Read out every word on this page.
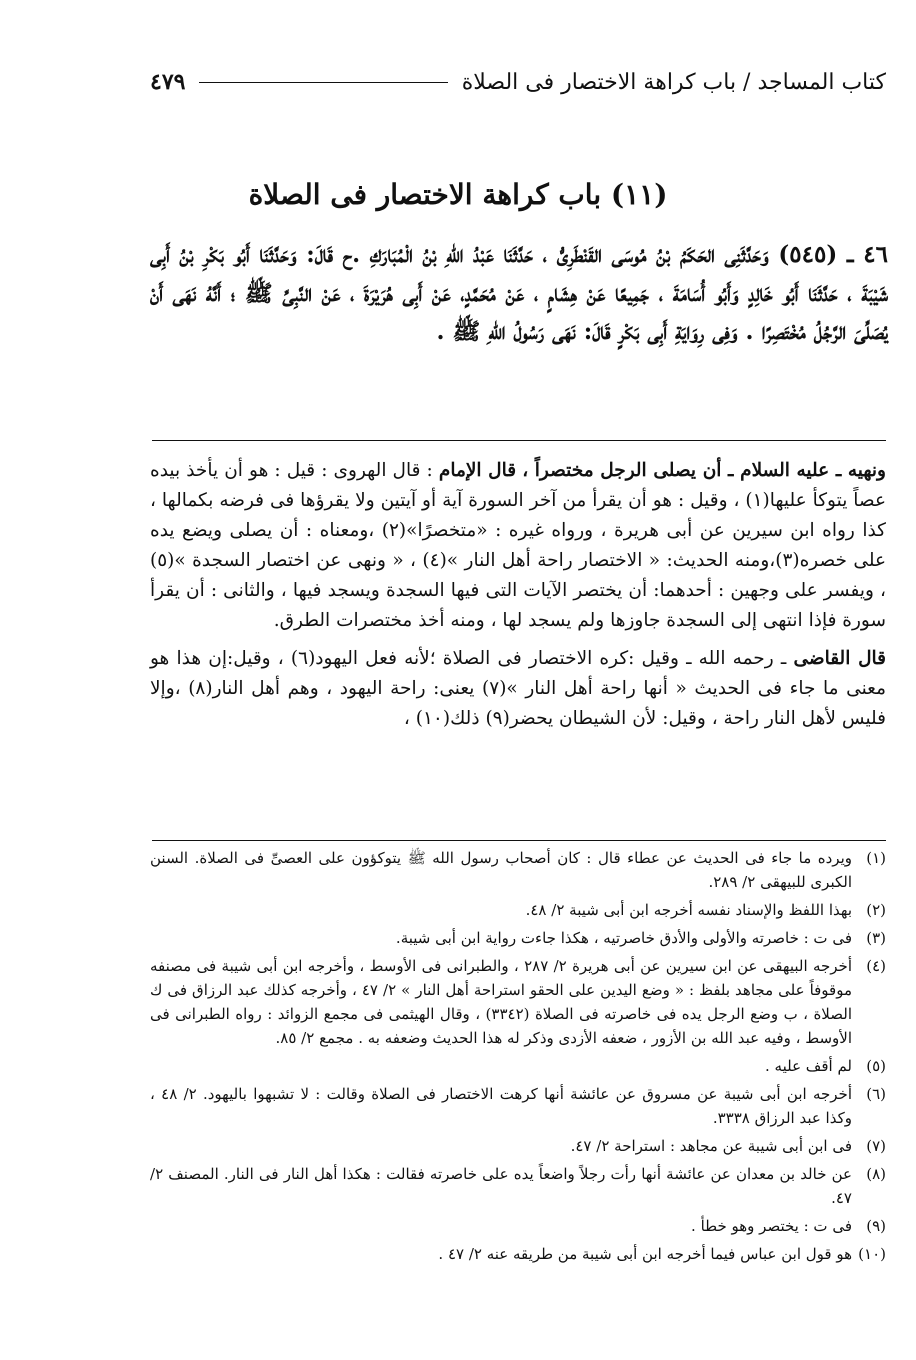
كتاب المساجد / باب كراهة الاختصار فى الصلاة
٤٧٩
(١١) باب كراهة الاختصار فى الصلاة
٤٦ ـ (٥٤٥) وَحَدَّثَنِى الحَكَمُ بْنُ مُوسَى القَنْطَرِىُّ ، حَدَّثَنَا عَبْدُ اللهِ بْنُ الْمُبَارَكِ .ح قَالَ: وَحَدَّثَنَا أَبُو بَكْرِ بْنُ أَبِى شَيْبَةَ ، حَدَّثَنَا أَبُو خَالِدٍ وَأَبُو أُسَامَةَ ، جَمِيعًا عَنْ هِشَامٍ ، عَنْ مُحَمَّدٍ، عَنْ أَبِى هُرَيْرَةَ ، عَنْ النَّبِىِّ ﷺ ؛ أَنَّهُ نَهَى أَنْ يُصَلِّىَ الرَّجُلُ مُخْتَصِرًا . وَفِى رِوَايَةِ أَبِى بَكْرٍ قَالَ: نَهَى رَسُولُ اللهِ ﷺ .

ونهيه ـ عليه السلام ـ أن يصلى الرجل مختصراً ، قال الإمام : قال الهروى : قيل : هو أن يأخذ بيده عصاً يتوكأ عليها(١) ، وقيل : هو أن يقرأ من آخر السورة آية أو آيتين ولا يقرؤها فى فرضه بكمالها ، كذا رواه ابن سيرين عن أبى هريرة ، ورواه غيره : «متخصرًا»(٢) ،ومعناه : أن يصلى ويضع يده على خصره(٣)،ومنه الحديث: « الاختصار راحة أهل النار »(٤) ، « ونهى عن اختصار السجدة »(٥) ، ويفسر على وجهين : أحدهما: أن يختصر الآيات التى فيها السجدة ويسجد فيها ، والثانى : أن يقرأ سورة فإذا انتهى إلى السجدة جاوزها ولم يسجد لها ، ومنه أخذ مختصرات الطرق.

قال القاضى ـ رحمه الله ـ وقيل :كره الاختصار فى الصلاة ؛لأنه فعل اليهود(٦) ، وقيل:إن هذا هو معنى ما جاء فى الحديث « أنها راحة أهل النار »(٧) يعنى: راحة اليهود ، وهم أهل النار(٨) ،وإلا فليس لأهل النار راحة ، وقيل: لأن الشيطان يحضر(٩) ذلك(١٠) ،

(١)
ويرده ما جاء فى الحديث عن عطاء قال : كان أصحاب رسول الله ﷺ يتوكؤون على العصىِّ فى الصلاة. السنن الكبرى للبيهقى ٢/ ٢٨٩.
(٢)
بهذا اللفظ والإسناد نفسه أخرجه ابن أبى شيبة ٢/ ٤٨.
(٣)
فى ت : خاصرته والأولى والأدق خاصرتيه ، هكذا جاءت رواية ابن أبى شيبة.
(٤)
أخرجه البيهقى عن ابن سيرين عن أبى هريرة ٢/ ٢٨٧ ، والطبرانى فى الأوسط ، وأخرجه ابن أبى شيبة فى مصنفه موقوفاً على مجاهد بلفظ : « وضع اليدين على الحقو استراحة أهل النار » ٢/ ٤٧ ، وأخرجه كذلك عبد الرزاق فى ك الصلاة ، ب وضع الرجل يده فى خاصرته فى الصلاة (٣٣٤٢) ، وقال الهيثمى فى مجمع الزوائد : رواه الطبرانى فى الأوسط ، وفيه عبد الله بن الأزور ، ضعفه الأزدى وذكر له هذا الحديث وضعفه به . مجمع ٢/ ٨٥.
(٥)
لم أقف عليه .
(٦)
أخرجه ابن أبى شيبة عن مسروق عن عائشة أنها كرهت الاختصار فى الصلاة وقالت : لا تشبهوا باليهود. ٢/ ٤٨ ، وكذا عبد الرزاق ٣٣٣٨.
(٧)
فى ابن أبى شيبة عن مجاهد : استراحة ٢/ ٤٧.
(٨)
عن خالد بن معدان عن عائشة أنها رأت رجلاً واضعاً يده على خاصرته فقالت : هكذا أهل النار فى النار. المصنف ٢/ ٤٧.
(٩)
فى ت : يختصر وهو خطأ .
(١٠)
هو قول ابن عباس فيما أخرجه ابن أبى شيبة من طريقه عنه ٢/ ٤٧ .
